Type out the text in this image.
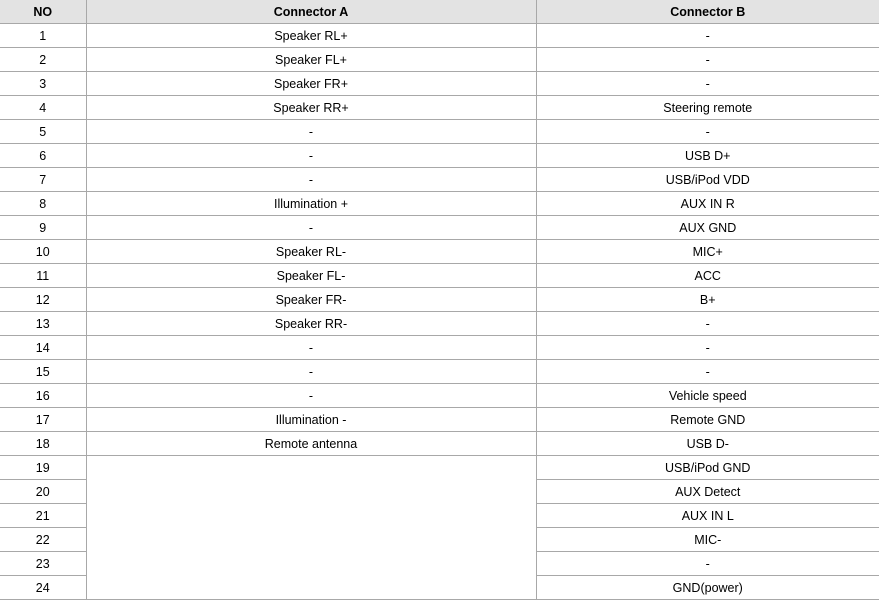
NO	Connector A	Connector B
1	Speaker RL+	-
2	Speaker FL+	-
3	Speaker FR+	-
4	Speaker RR+	Steering remote
5	-	-
6	-	USB D+
7	-	USB/iPod VDD
8	Illumination +	AUX IN R
9	-	AUX GND
10	Speaker RL-	MIC+
11	Speaker FL-	ACC
12	Speaker FR-	B+
13	Speaker RR-	-
14	-	-
15	-	-
16	-	Vehicle speed
17	Illumination -	Remote GND
18	Remote antenna	USB D-
19		USB/iPod GND
20		AUX Detect
21		AUX IN L
22		MIC-
23		-
24		GND(power)
